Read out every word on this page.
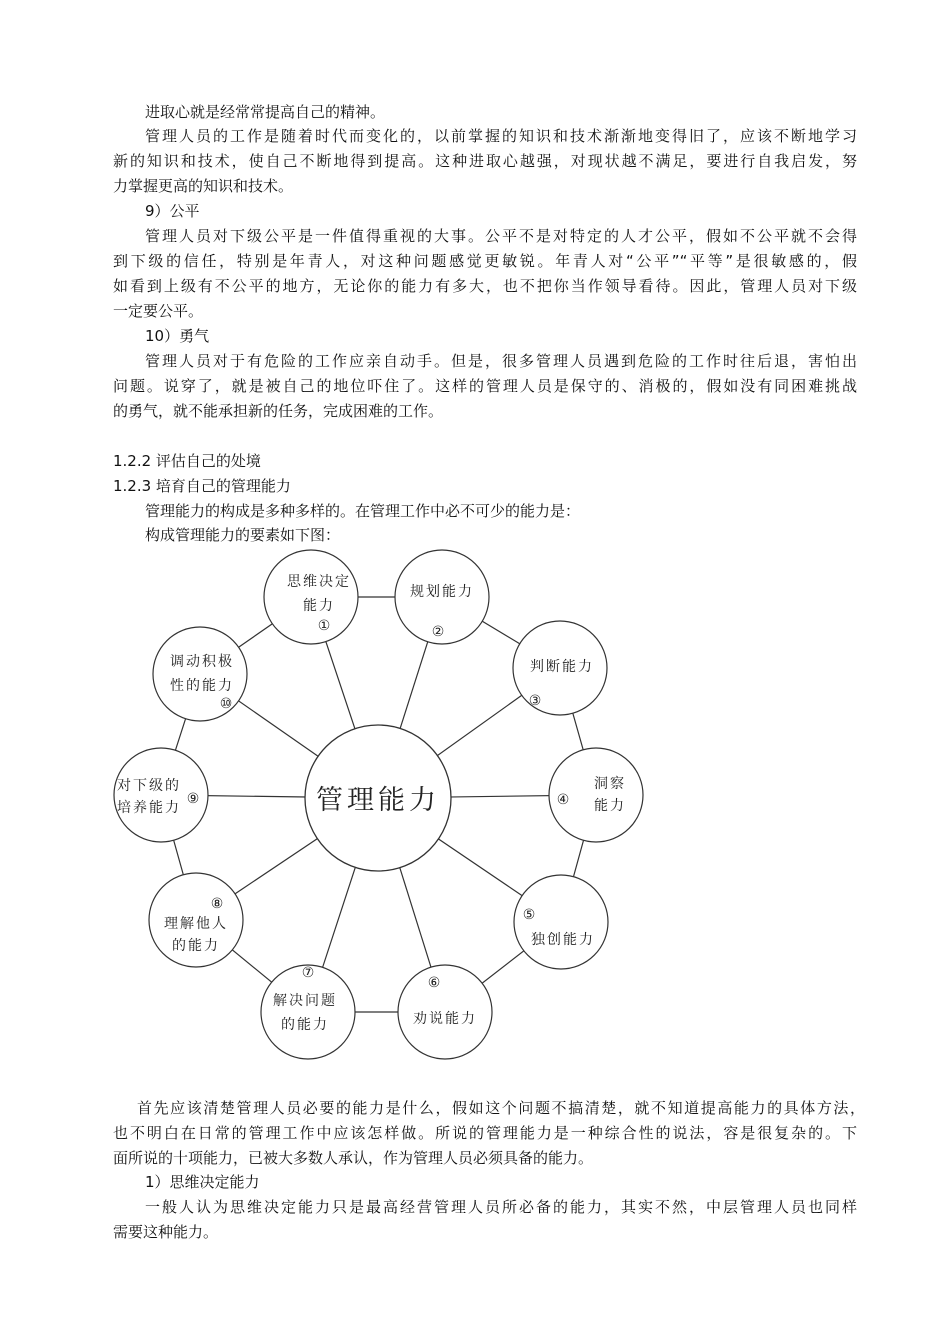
进取心就是经常常提高自己的精神。
管理人员的工作是随着时代而变化的，以前掌握的知识和技术渐渐地变得旧了，应该不断地学习
新的知识和技术，使自己不断地得到提高。这种进取心越强，对现状越不满足，要进行自我启发，努
力掌握更高的知识和技术。
9）公平
管理人员对下级公平是一件值得重视的大事。公平不是对特定的人才公平，假如不公平就不会得
到下级的信任，特别是年青人，对这种问题感觉更敏锐。年青人对“公平”“平等”是很敏感的，假
如看到上级有不公平的地方，无论你的能力有多大，也不把你当作领导看待。因此，管理人员对下级
一定要公平。
10）勇气
管理人员对于有危险的工作应亲自动手。但是，很多管理人员遇到危险的工作时往后退，害怕出
问题。说穿了，就是被自己的地位吓住了。这样的管理人员是保守的、消极的，假如没有同困难挑战
的勇气，就不能承担新的任务，完成困难的工作。
1.2.2 评估自己的处境
1.2.3 培育自己的管理能力
管理能力的构成是多种多样的。在管理工作中必不可少的能力是：
构成管理能力的要素如下图：
思维决定
能力
①
规划能力
②
判断能力
③
洞察
能力
④
独创能力
⑤
劝说能力
⑥
解决问题
的能力
⑦
理解他人
的能力
⑧
对下级的
培养能力
⑨
调动积极
性的能力
⑩
管理能力
首先应该清楚管理人员必要的能力是什么，假如这个问题不搞清楚，就不知道提高能力的具体方法，
也不明白在日常的管理工作中应该怎样做。所说的管理能力是一种综合性的说法，容是很复杂的。下
面所说的十项能力，已被大多数人承认，作为管理人员必须具备的能力。
1）思维决定能力
一般人认为思维决定能力只是最高经营管理人员所必备的能力，其实不然，中层管理人员也同样
需要这种能力。
